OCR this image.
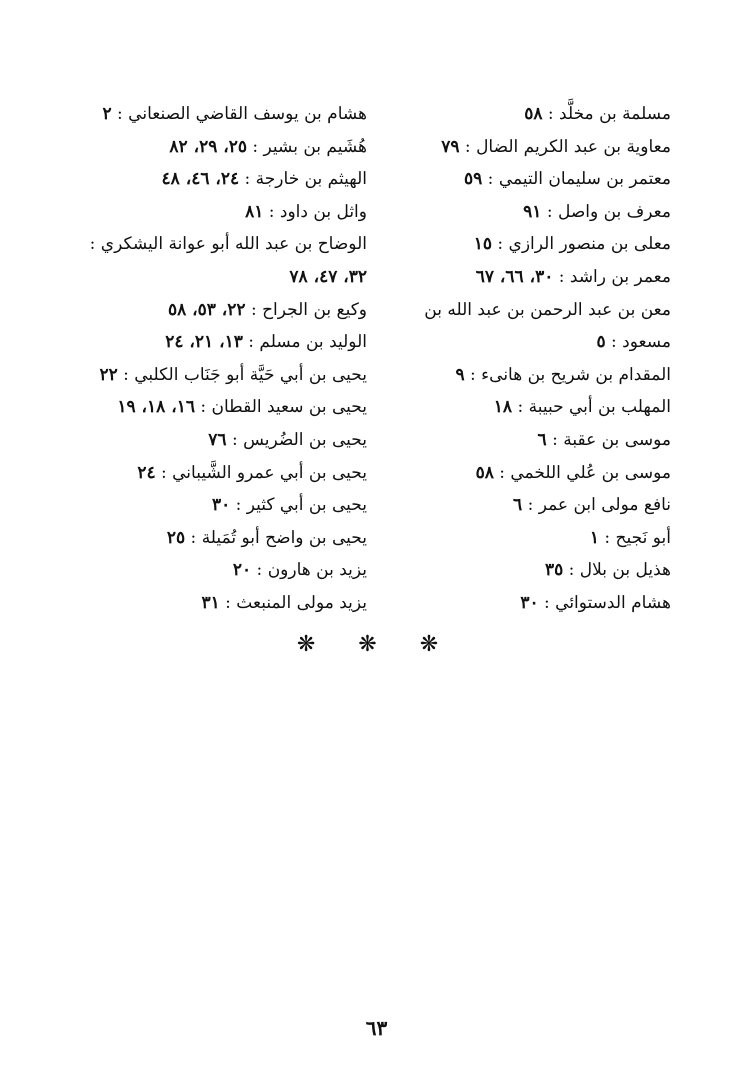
مسلمة بن مخلَّد : ٥٨
معاوية بن عبد الكريم الضال : ٧٩
معتمر بن سليمان التيمي : ٥٩
معرف بن واصل : ٩١
معلى بن منصور الرازي : ١٥
معمر بن راشد : ٣٠، ٦٦، ٦٧
معن بن عبد الرحمن بن عبد الله بن مسعود : ٥
المقدام بن شريح بن هانىء : ٩
المهلب بن أبي حبيبة : ١٨
موسى بن عقبة : ٦
موسى بن عُلي اللخمي : ٥٨
نافع مولى ابن عمر : ٦
أبو نَجيح : ١
هذيل بن بلال : ٣٥
هشام الدستوائي : ٣٠
هشام بن يوسف القاضي الصنعاني : ٢
هُشَيم بن بشير : ٢٥، ٢٩، ٨٢
الهيثم بن خارجة : ٢٤، ٤٦، ٤٨
واثل بن داود : ٨١
الوضاح بن عبد الله أبو عوانة اليشكري : ٣٢، ٤٧، ٧٨
وكيع بن الجراح : ٢٢، ٥٣، ٥٨
الوليد بن مسلم : ١٣، ٢١، ٢٤
يحيى بن أبي حَيَّة أبو جَنَاب الكلبي : ٢٢
يحيى بن سعيد القطان : ١٦، ١٨، ١٩
يحيى بن الضُريس : ٧٦
يحيى بن أبي عمرو الشَّيباني : ٢٤
يحيى بن أبي كثير : ٣٠
يحيى بن واضح أبو تُمَيلة : ٢٥
يزيد بن هارون : ٢٠
يزيد مولى المنبعث : ٣١
❋ ❋ ❋
٦٣
